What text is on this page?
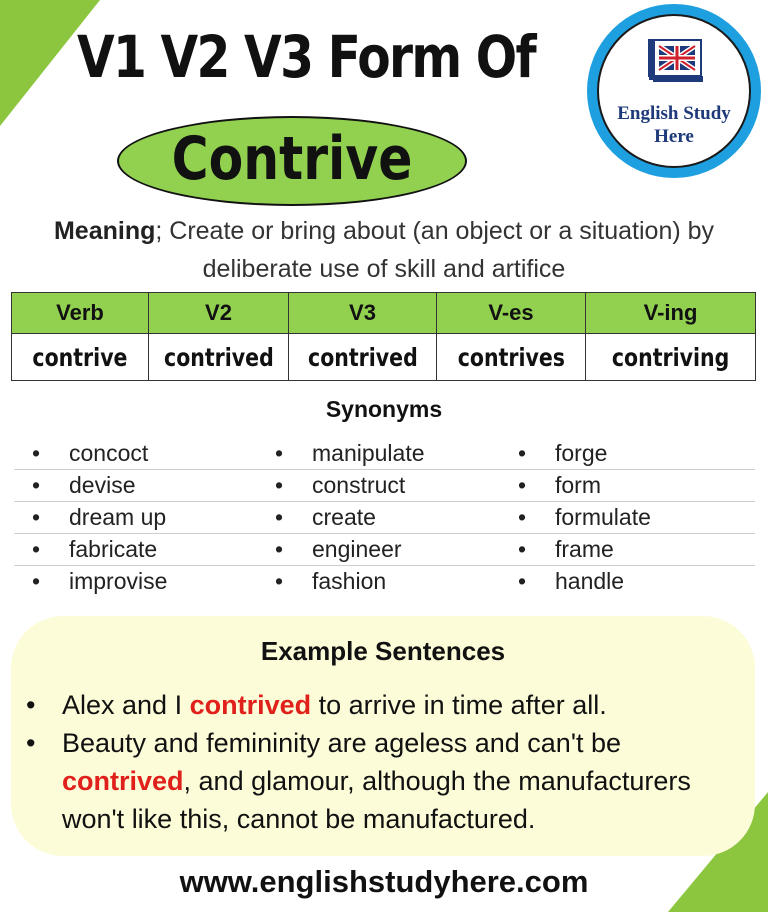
V1 V2 V3 Form Of
Contrive
English Study
Here
Meaning; Create or bring about (an object or a situation) by deliberate use of skill and artifice
Verb	V2	V3	V-es	V-ing
contrive	contrived	contrived	contrives	contriving
Synonyms
• concoct	• manipulate	• forge
• devise	• construct	• form
• dream up	• create	• formulate
• fabricate	• engineer	• frame
• improvise	• fashion	• handle
Example Sentences
• Alex and I contrived to arrive in time after all.
• Beauty and femininity are ageless and can't be
contrived, and glamour, although the manufacturers
won't like this, cannot be manufactured.
www.englishstudyhere.com
